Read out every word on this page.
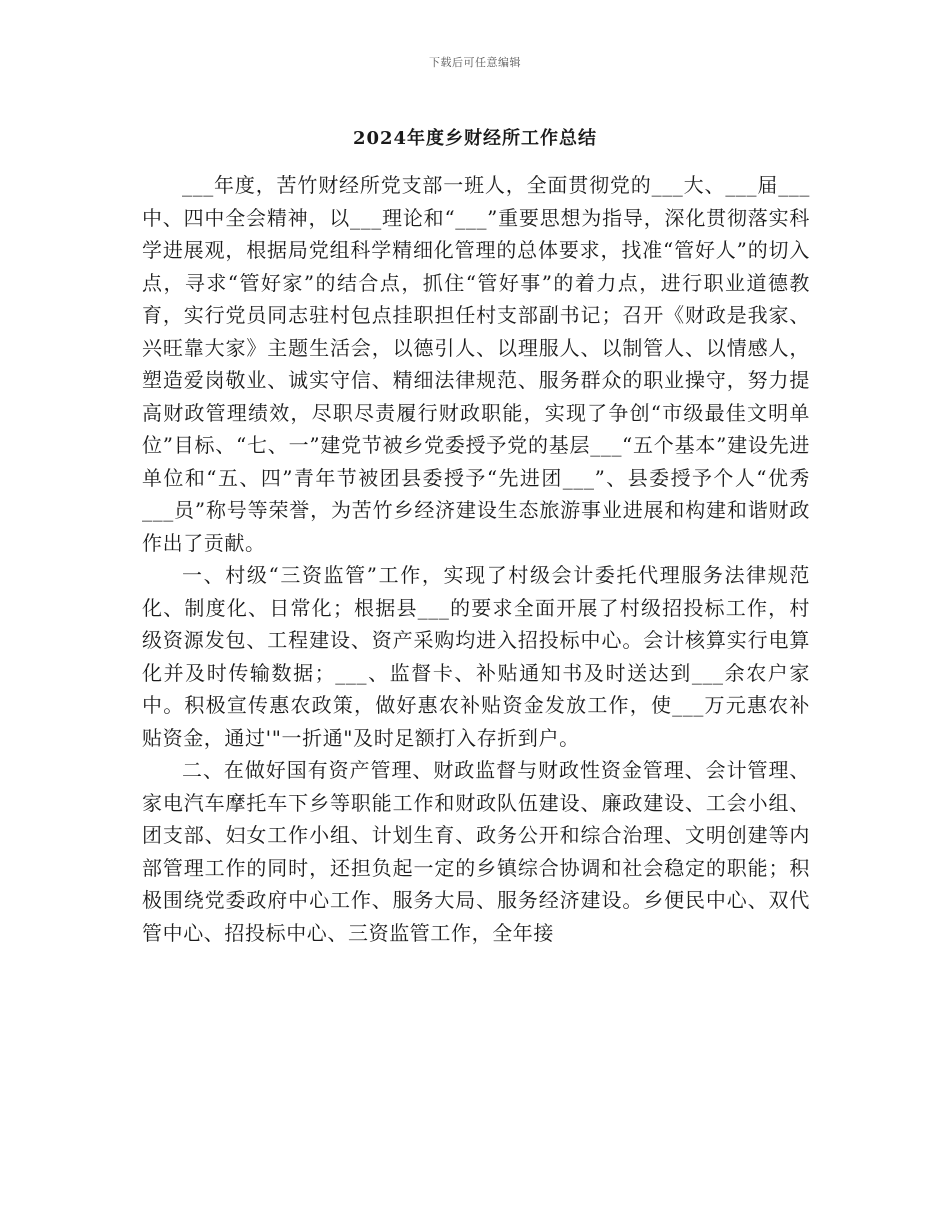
下载后可任意编辑
2024年度乡财经所工作总结

___年度，苦竹财经所党支部一班人，全面贯彻党的___大、___届___中、四中全会精神，以___理论和“___”重要思想为指导，深化贯彻落实科学进展观，根据局党组科学精细化管理的总体要求，找准“管好人”的切入点，寻求“管好家”的结合点，抓住“管好事”的着力点，进行职业道德教育，实行党员同志驻村包点挂职担任村支部副书记；召开《财政是我家、兴旺靠大家》主题生活会，以德引人、以理服人、以制管人、以情感人，塑造爱岗敬业、诚实守信、精细法律规范、服务群众的职业操守，努力提高财政管理绩效，尽职尽责履行财政职能，实现了争创“市级最佳文明单位”目标、“七、一”建党节被乡党委授予党的基层___“五个基本”建设先进单位和“五、四”青年节被团县委授予“先进团___”、县委授予个人“优秀___员”称号等荣誉，为苦竹乡经济建设生态旅游事业进展和构建和谐财政作出了贡献。

一、村级“三资监管”工作，实现了村级会计委托代理服务法律规范化、制度化、日常化；根据县___的要求全面开展了村级招投标工作，村级资源发包、工程建设、资产采购均进入招投标中心。会计核算实行电算化并及时传输数据；___、监督卡、补贴通知书及时送达到___余农户家中。积极宣传惠农政策，做好惠农补贴资金发放工作，使___万元惠农补贴资金，通过'"一折通"及时足额打入存折到户。

二、在做好国有资产管理、财政监督与财政性资金管理、会计管理、家电汽车摩托车下乡等职能工作和财政队伍建设、廉政建设、工会小组、团支部、妇女工作小组、计划生育、政务公开和综合治理、文明创建等内部管理工作的同时，还担负起一定的乡镇综合协调和社会稳定的职能；积极围绕党委政府中心工作、服务大局、服务经济建设。乡便民中心、双代管中心、招投标中心、三资监管工作，全年接
